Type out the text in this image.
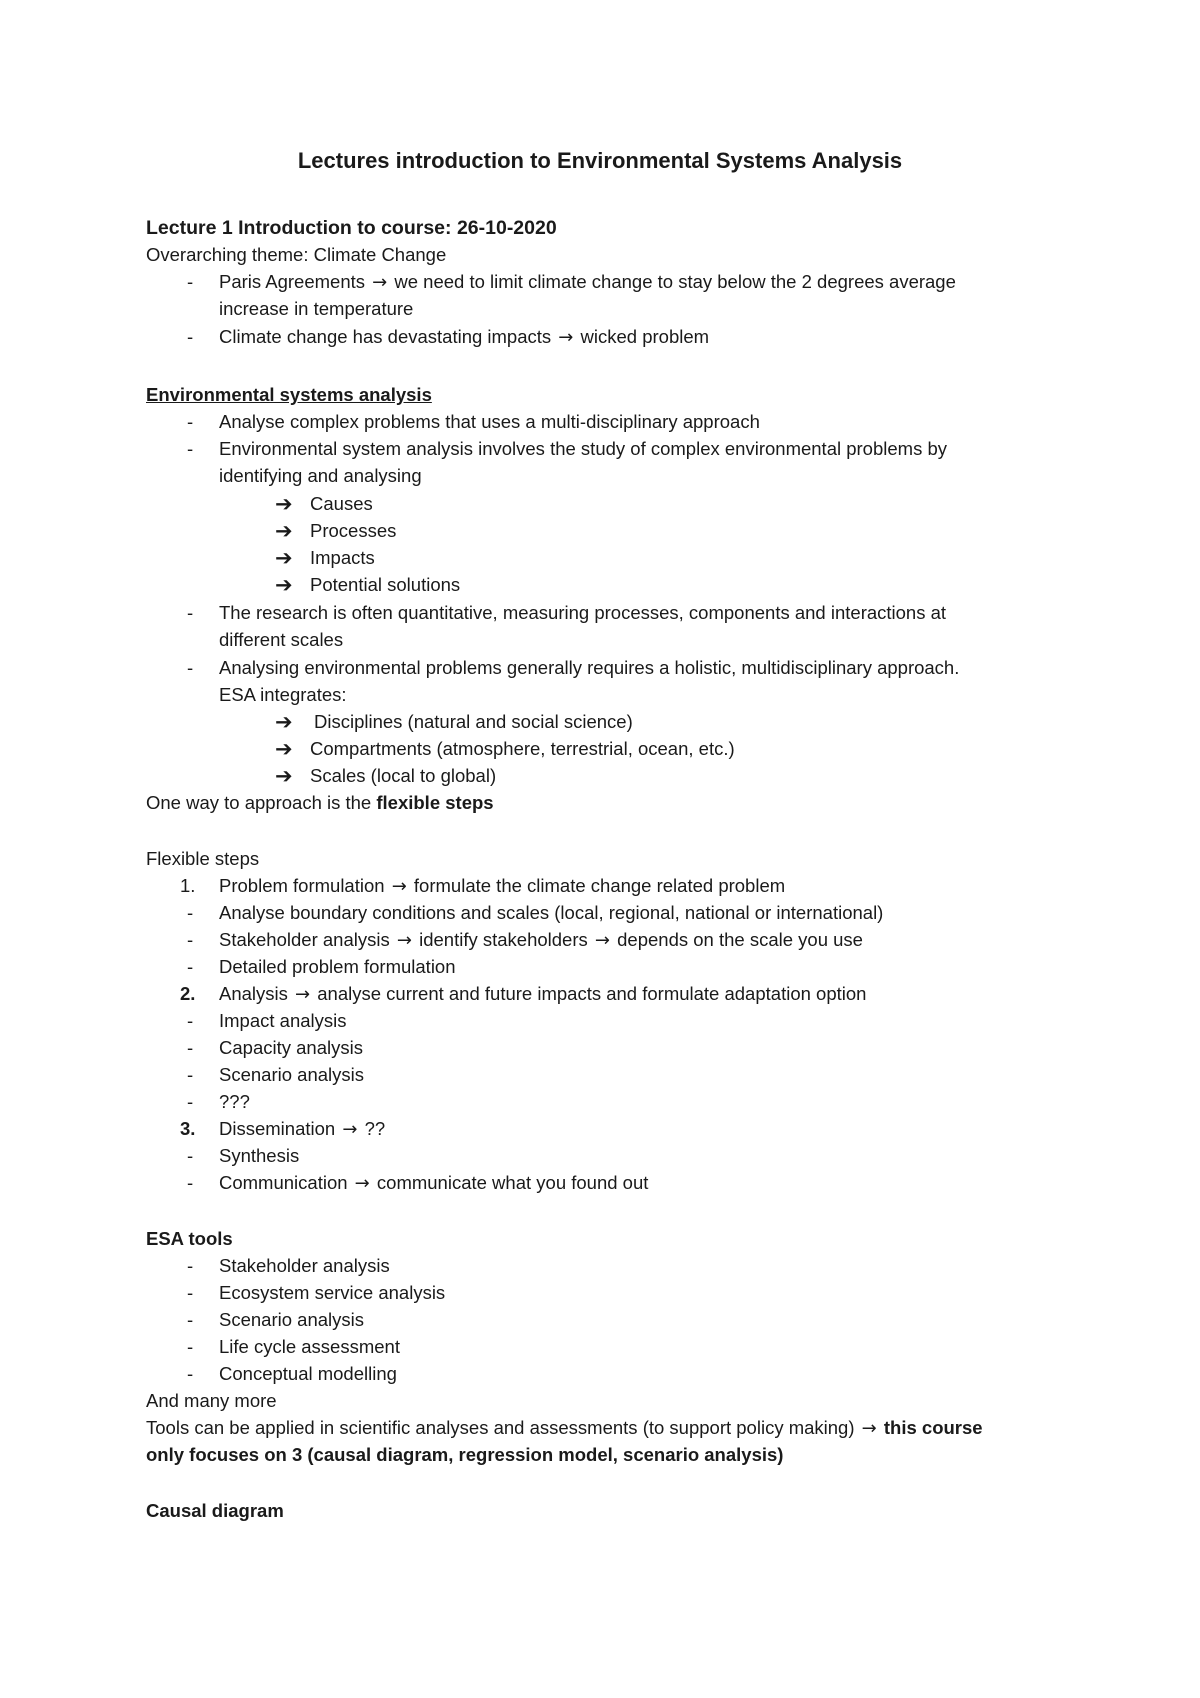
Lectures introduction to Environmental Systems Analysis
Lecture 1 Introduction to course: 26-10-2020
Overarching theme: Climate Change
- Paris Agreements → we need to limit climate change to stay below the 2 degrees average
increase in temperature
- Climate change has devastating impacts → wicked problem
Environmental systems analysis
- Analyse complex problems that uses a multi-disciplinary approach
- Environmental system analysis involves the study of complex environmental problems by
identifying and analysing
➔ Causes
➔ Processes
➔ Impacts
➔ Potential solutions
- The research is often quantitative, measuring processes, components and interactions at
different scales
- Analysing environmental problems generally requires a holistic, multidisciplinary approach.
ESA integrates:
➔ Disciplines (natural and social science)
➔ Compartments (atmosphere, terrestrial, ocean, etc.)
➔ Scales (local to global)
One way to approach is the flexible steps
Flexible steps
1. Problem formulation → formulate the climate change related problem
- Analyse boundary conditions and scales (local, regional, national or international)
- Stakeholder analysis → identify stakeholders → depends on the scale you use
- Detailed problem formulation
2. Analysis → analyse current and future impacts and formulate adaptation option
- Impact analysis
- Capacity analysis
- Scenario analysis
- ???
3. Dissemination → ??
- Synthesis
- Communication → communicate what you found out
ESA tools
- Stakeholder analysis
- Ecosystem service analysis
- Scenario analysis
- Life cycle assessment
- Conceptual modelling
And many more
Tools can be applied in scientific analyses and assessments (to support policy making) → this course
only focuses on 3 (causal diagram, regression model, scenario analysis)
Causal diagram
